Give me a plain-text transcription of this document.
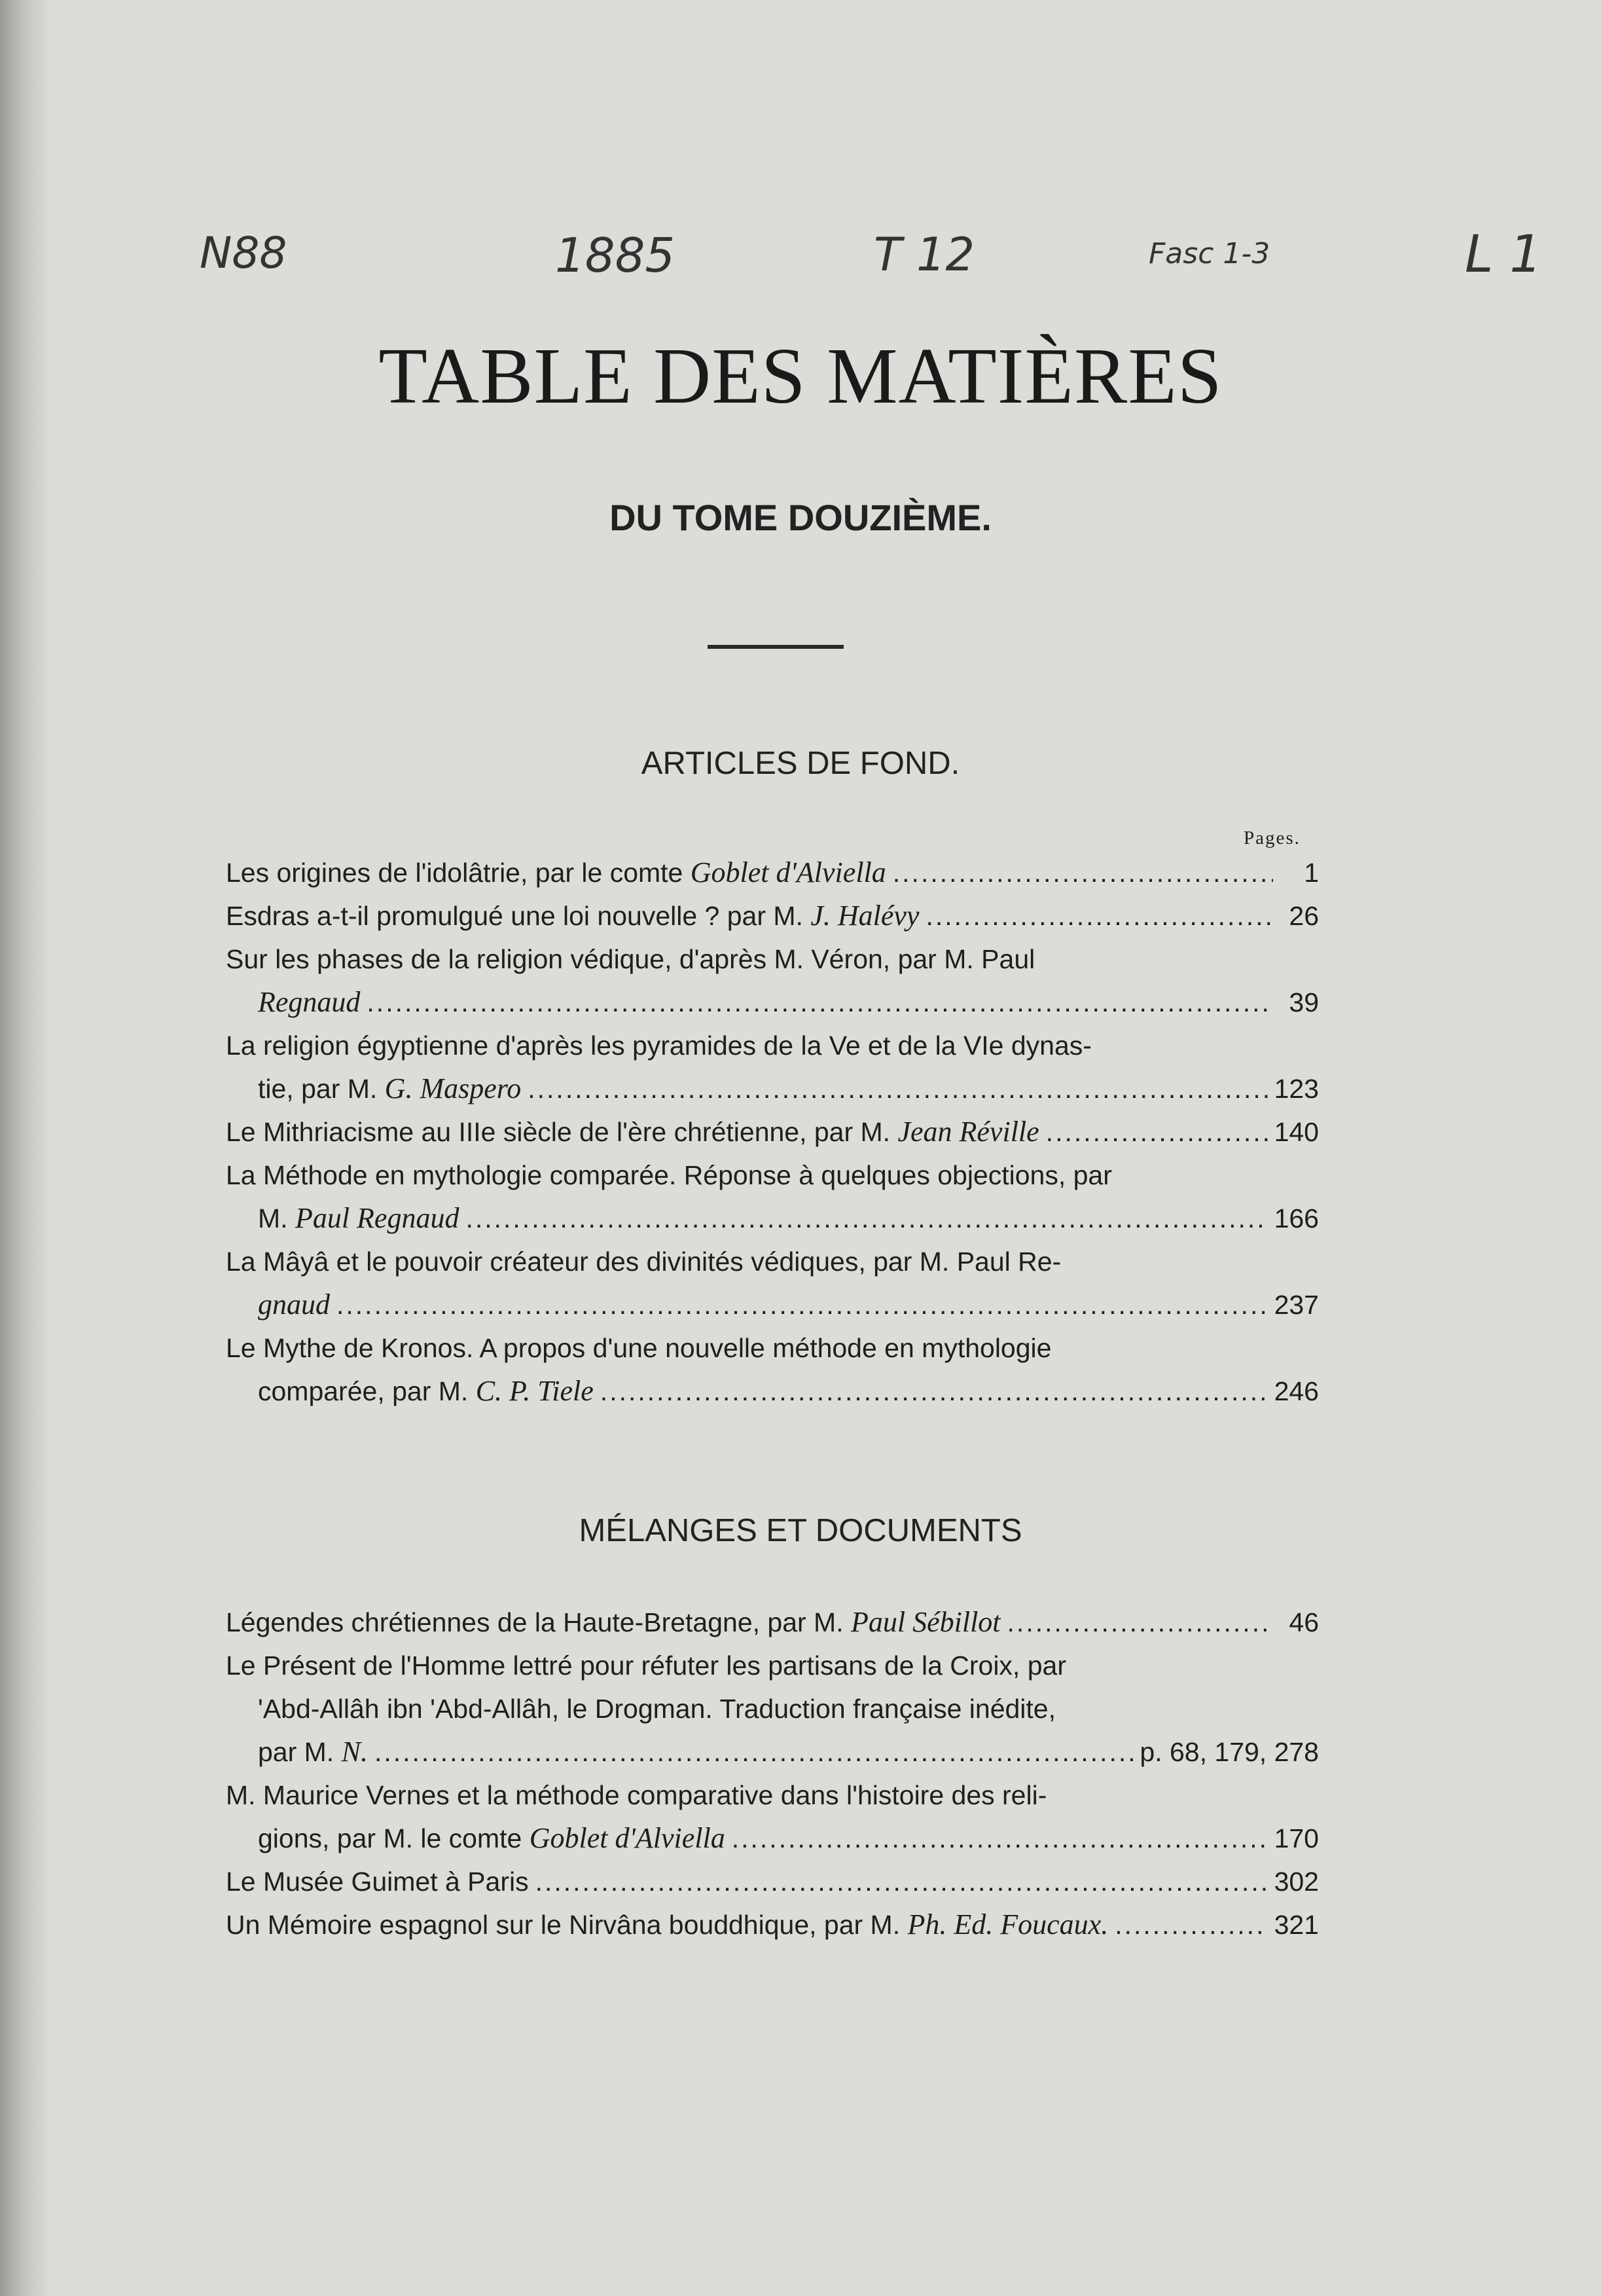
N88	1885	T 12	Fasc 1-3	L 1
TABLE DES MATIÈRES
DU TOME DOUZIÈME.
ARTICLES DE FOND.
Pages.
Les origines de l'idolâtrie, par le comte Goblet d'Alviella .....	1
Esdras a-t-il promulgué une loi nouvelle ? par M. J. Halévy .....	26
Sur les phases de la religion védique, d'après M. Véron, par M. Paul
Regnaud .....	39
La religion égyptienne d'après les pyramides de la Ve et de la VIe dynas-
tie, par M. G. Maspero .....	123
Le Mithriacisme au IIIe siècle de l'ère chrétienne, par M. Jean Réville .....	140
La Méthode en mythologie comparée. Réponse à quelques objections, par
M. Paul Regnaud .....	166
La Mâyâ et le pouvoir créateur des divinités védiques, par M. Paul Re-
gnaud .....	237
Le Mythe de Kronos. A propos d'une nouvelle méthode en mythologie
comparée, par M. C. P. Tiele .....	246
MÉLANGES ET DOCUMENTS
Légendes chrétiennes de la Haute-Bretagne, par M. Paul Sébillot .....	46
Le Présent de l'Homme lettré pour réfuter les partisans de la Croix, par
'Abd-Allâh ibn 'Abd-Allâh, le Drogman. Traduction française inédite,
par M. N. .....	p. 68, 179, 278
M. Maurice Vernes et la méthode comparative dans l'histoire des reli-
gions, par M. le comte Goblet d'Alviella .....	170
Le Musée Guimet à Paris .....	302
Un Mémoire espagnol sur le Nirvâna bouddhique, par M. Ph. Ed. Foucaux. .....	321
